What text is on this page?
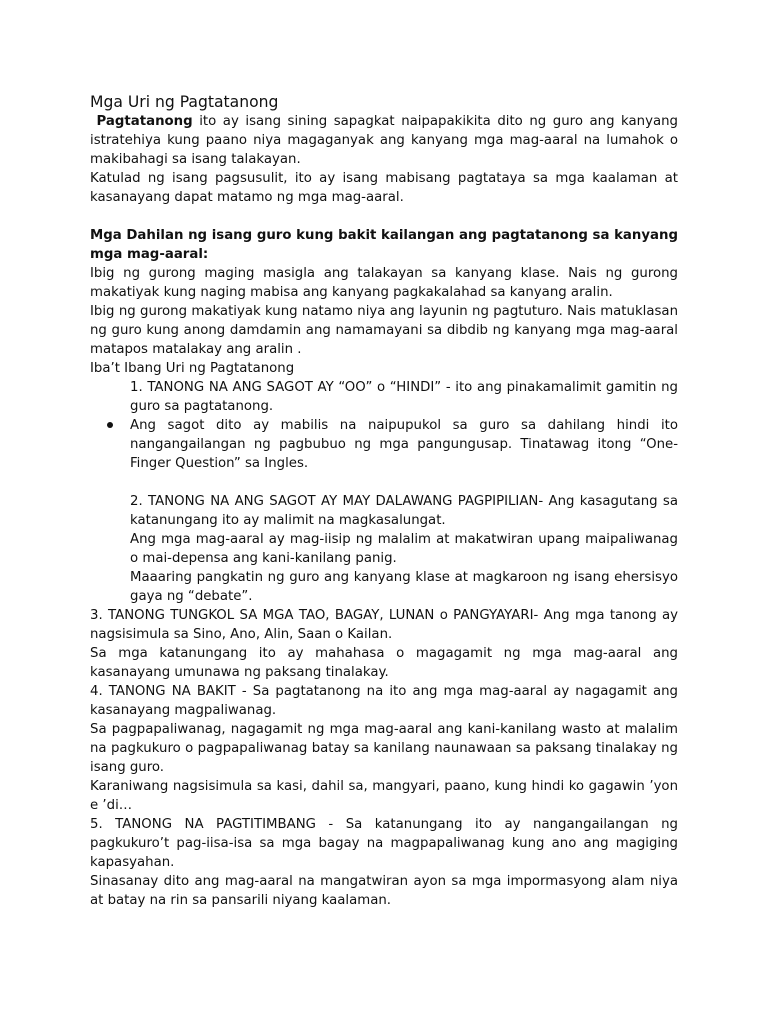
Mga Uri ng Pagtatanong

Pagtatanong ito ay isang sining sapagkat naipapakikita dito ng guro ang kanyang istratehiya kung paano niya magaganyak ang kanyang mga mag-aaral na lumahok o makibahagi sa isang talakayan.

Katulad ng isang pagsusulit, ito ay isang mabisang pagtataya sa mga kaalaman at kasanayang dapat matamo ng mga mag-aaral.

Mga Dahilan ng isang guro kung bakit kailangan ang pagtatanong sa kanyang mga mag-aaral:

Ibig ng gurong maging masigla ang talakayan sa kanyang klase. Nais ng gurong makatiyak kung naging mabisa ang kanyang pagkakalahad sa kanyang aralin.

Ibig ng gurong makatiyak kung natamo niya ang layunin ng pagtuturo. Nais matuklasan ng guro kung anong damdamin ang namamayani sa dibdib ng kanyang mga mag-aaral matapos matalakay ang aralin .

Iba’t Ibang Uri ng Pagtatanong

1. TANONG NA ANG SAGOT AY “OO” o “HINDI” - ito ang pinakamalimit gamitin ng guro sa pagtatanong.

Ang sagot dito ay mabilis na naipupukol sa guro sa dahilang hindi ito nangangailangan ng pagbubuo ng mga pangungusap. Tinatawag itong “One-Finger Question” sa Ingles.

2. TANONG NA ANG SAGOT AY MAY DALAWANG PAGPIPILIAN- Ang kasagutang sa katanungang ito ay malimit na magkasalungat.

Ang mga mag-aaral ay mag-iisip ng malalim at makatwiran upang maipaliwanag o mai-depensa ang kani-kanilang panig.

Maaaring pangkatin ng guro ang kanyang klase at magkaroon ng isang ehersisyo gaya ng “debate”.

3. TANONG TUNGKOL SA MGA TAO, BAGAY, LUNAN o PANGYAYARI- Ang mga tanong ay nagsisimula sa Sino, Ano, Alin, Saan o Kailan.

Sa mga katanungang ito ay mahahasa o magagamit ng mga mag-aaral ang kasanayang umunawa ng paksang tinalakay.

4. TANONG NA BAKIT - Sa pagtatanong na ito ang mga mag-aaral ay nagagamit ang kasanayang magpaliwanag.

Sa pagpapaliwanag, nagagamit ng mga mag-aaral ang kani-kanilang wasto at malalim na pagkukuro o pagpapaliwanag batay sa kanilang naunawaan sa paksang tinalakay ng isang guro.

Karaniwang nagsisimula sa kasi, dahil sa, mangyari, paano, kung hindi ko gagawin ’yon e ’di…

5. TANONG NA PAGTITIMBANG - Sa katanungang ito ay nangangailangan ng pagkukuro’t pag-iisa-isa sa mga bagay na magpapaliwanag kung ano ang magiging kapasyahan.

Sinasanay dito ang mag-aaral na mangatwiran ayon sa mga impormasyong alam niya at batay na rin sa pansarili niyang kaalaman.
